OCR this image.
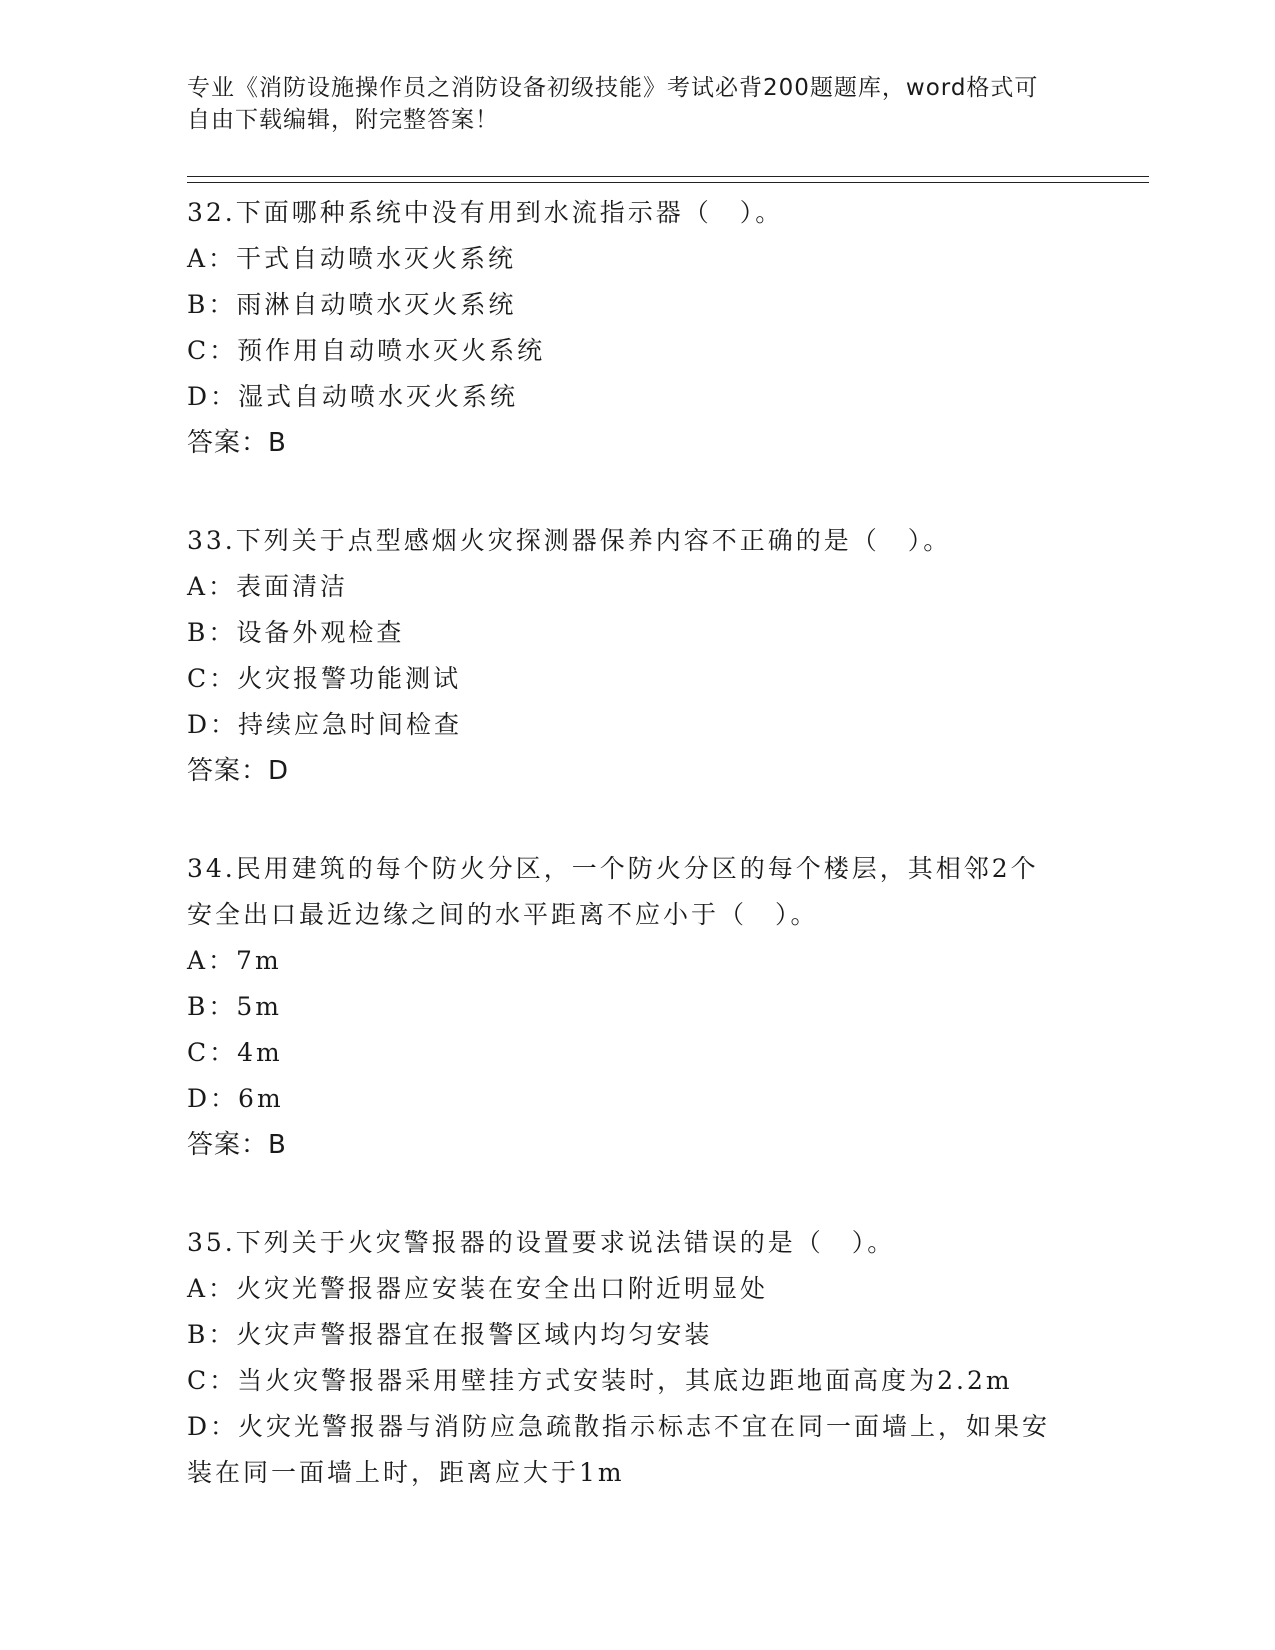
专业《消防设施操作员之消防设备初级技能》考试必背200题题库，word格式可
自由下载编辑，附完整答案！
32.下面哪种系统中没有用到水流指示器（　）。
A：干式自动喷水灭火系统
B：雨淋自动喷水灭火系统
C：预作用自动喷水灭火系统
D：湿式自动喷水灭火系统
答案：B
33.下列关于点型感烟火灾探测器保养内容不正确的是（　）。
A：表面清洁
B：设备外观检查
C：火灾报警功能测试
D：持续应急时间检查
答案：D
34.民用建筑的每个防火分区，一个防火分区的每个楼层，其相邻2个
安全出口最近边缘之间的水平距离不应小于（　）。
A：7m
B：5m
C：4m
D：6m
答案：B
35.下列关于火灾警报器的设置要求说法错误的是（　）。
A：火灾光警报器应安装在安全出口附近明显处
B：火灾声警报器宜在报警区域内均匀安装
C：当火灾警报器采用壁挂方式安装时，其底边距地面高度为2.2m
D：火灾光警报器与消防应急疏散指示标志不宜在同一面墙上，如果安
装在同一面墙上时，距离应大于1m
